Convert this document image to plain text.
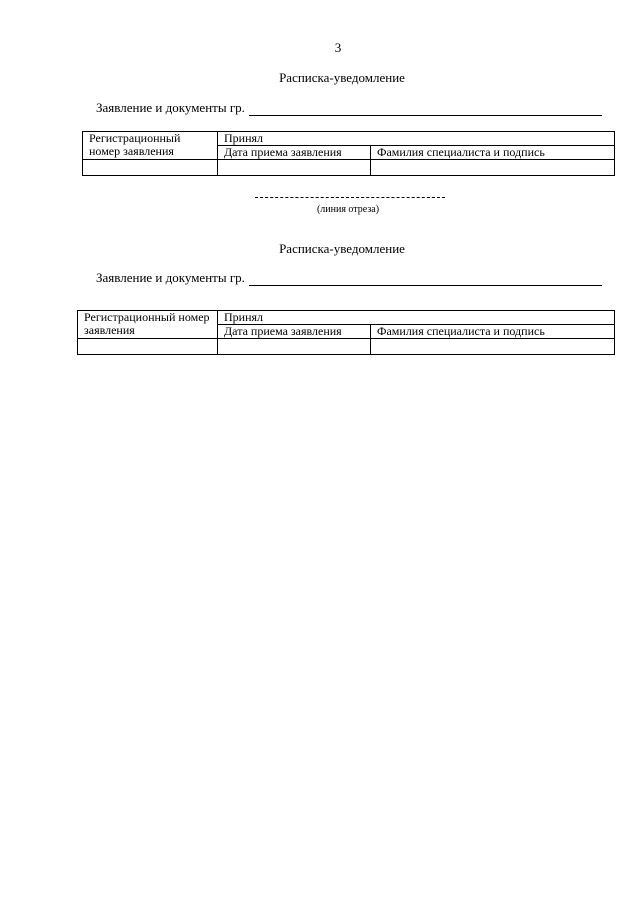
3
Расписка-уведомление
Заявление и документы гр.
Регистрационный номер заявления	Принял	
	Дата приема заявления	Фамилия специалиста и подпись

(линия отреза)
Расписка-уведомление
Заявление и документы гр.
Регистрационный номер заявления	Принял	
	Дата приема заявления	Фамилия специалиста и подпись
